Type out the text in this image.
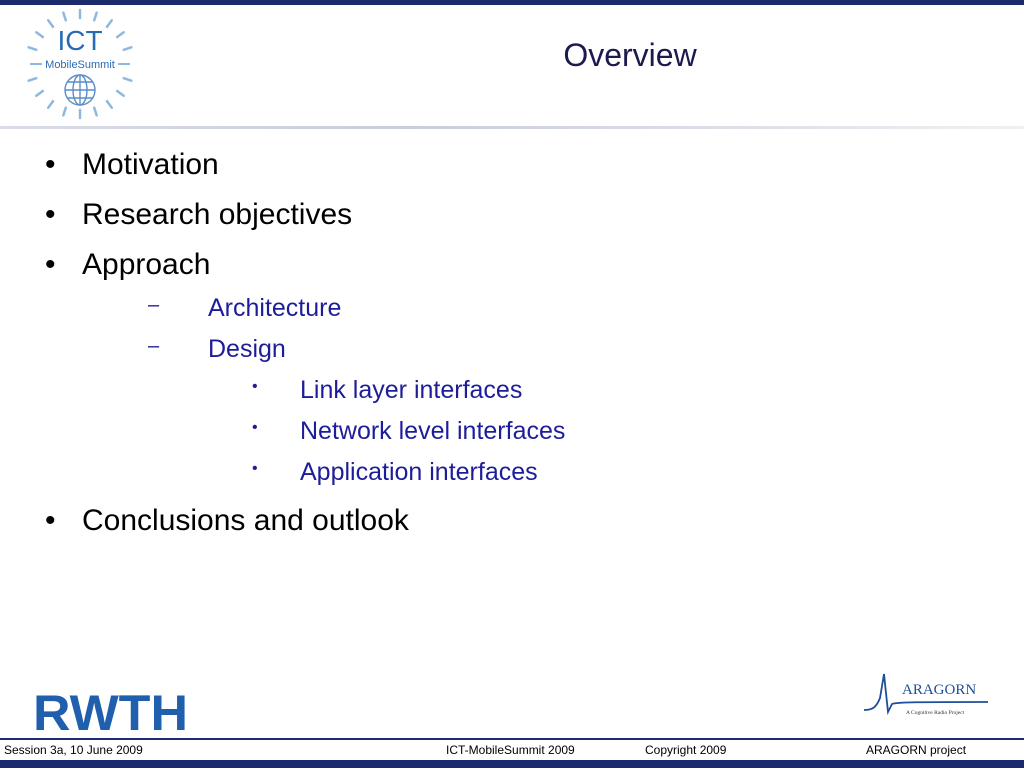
ICT
MobileSummit	Overview
• Motivation
• Research objectives
• Approach
– Architecture
– Design
• Link layer interfaces
• Network level interfaces
• Application interfaces
• Conclusions and outlook
RWTH	ARAGORN
A Cognitive Radio Project
Session 3a, 10 June 2009	ICT-MobileSummit 2009	Copyright 2009	ARAGORN project
